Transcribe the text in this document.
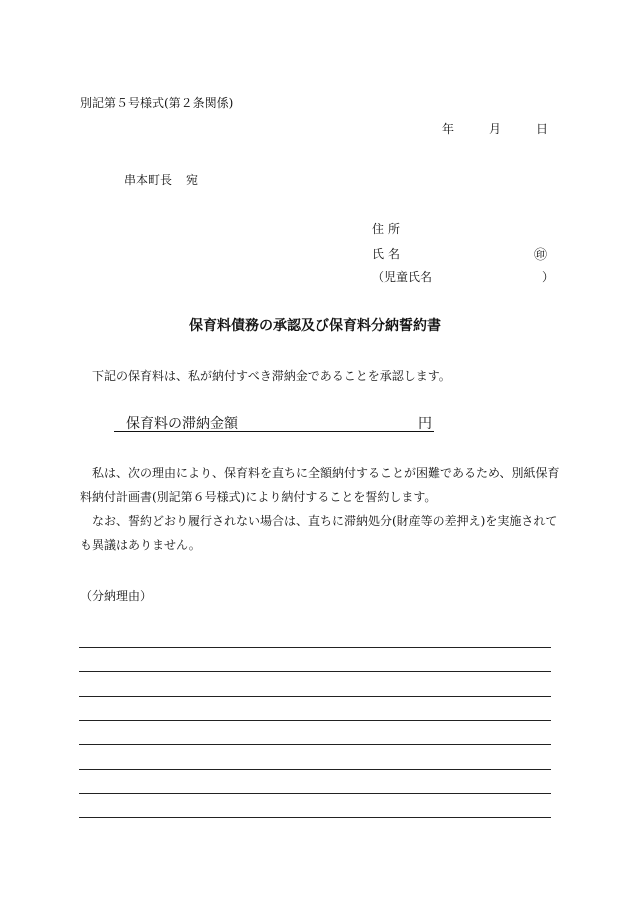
別記第５号様式(第２条関係)
年	月	日
串本町長 宛
住所
氏名	㊞
（児童氏名	）
保育料債務の承認及び保育料分納誓約書
下記の保育料は、私が納付すべき滞納金であることを承認します。
保育料の滞納金額	円

　私は、次の理由により、保育料を直ちに全額納付することが困難であるため、別紙保育料納付計画書(別記第６号様式)により納付することを誓約します。

　なお、誓約どおり履行されない場合は、直ちに滞納処分(財産等の差押え)を実施されても異議はありません。

（分納理由）
